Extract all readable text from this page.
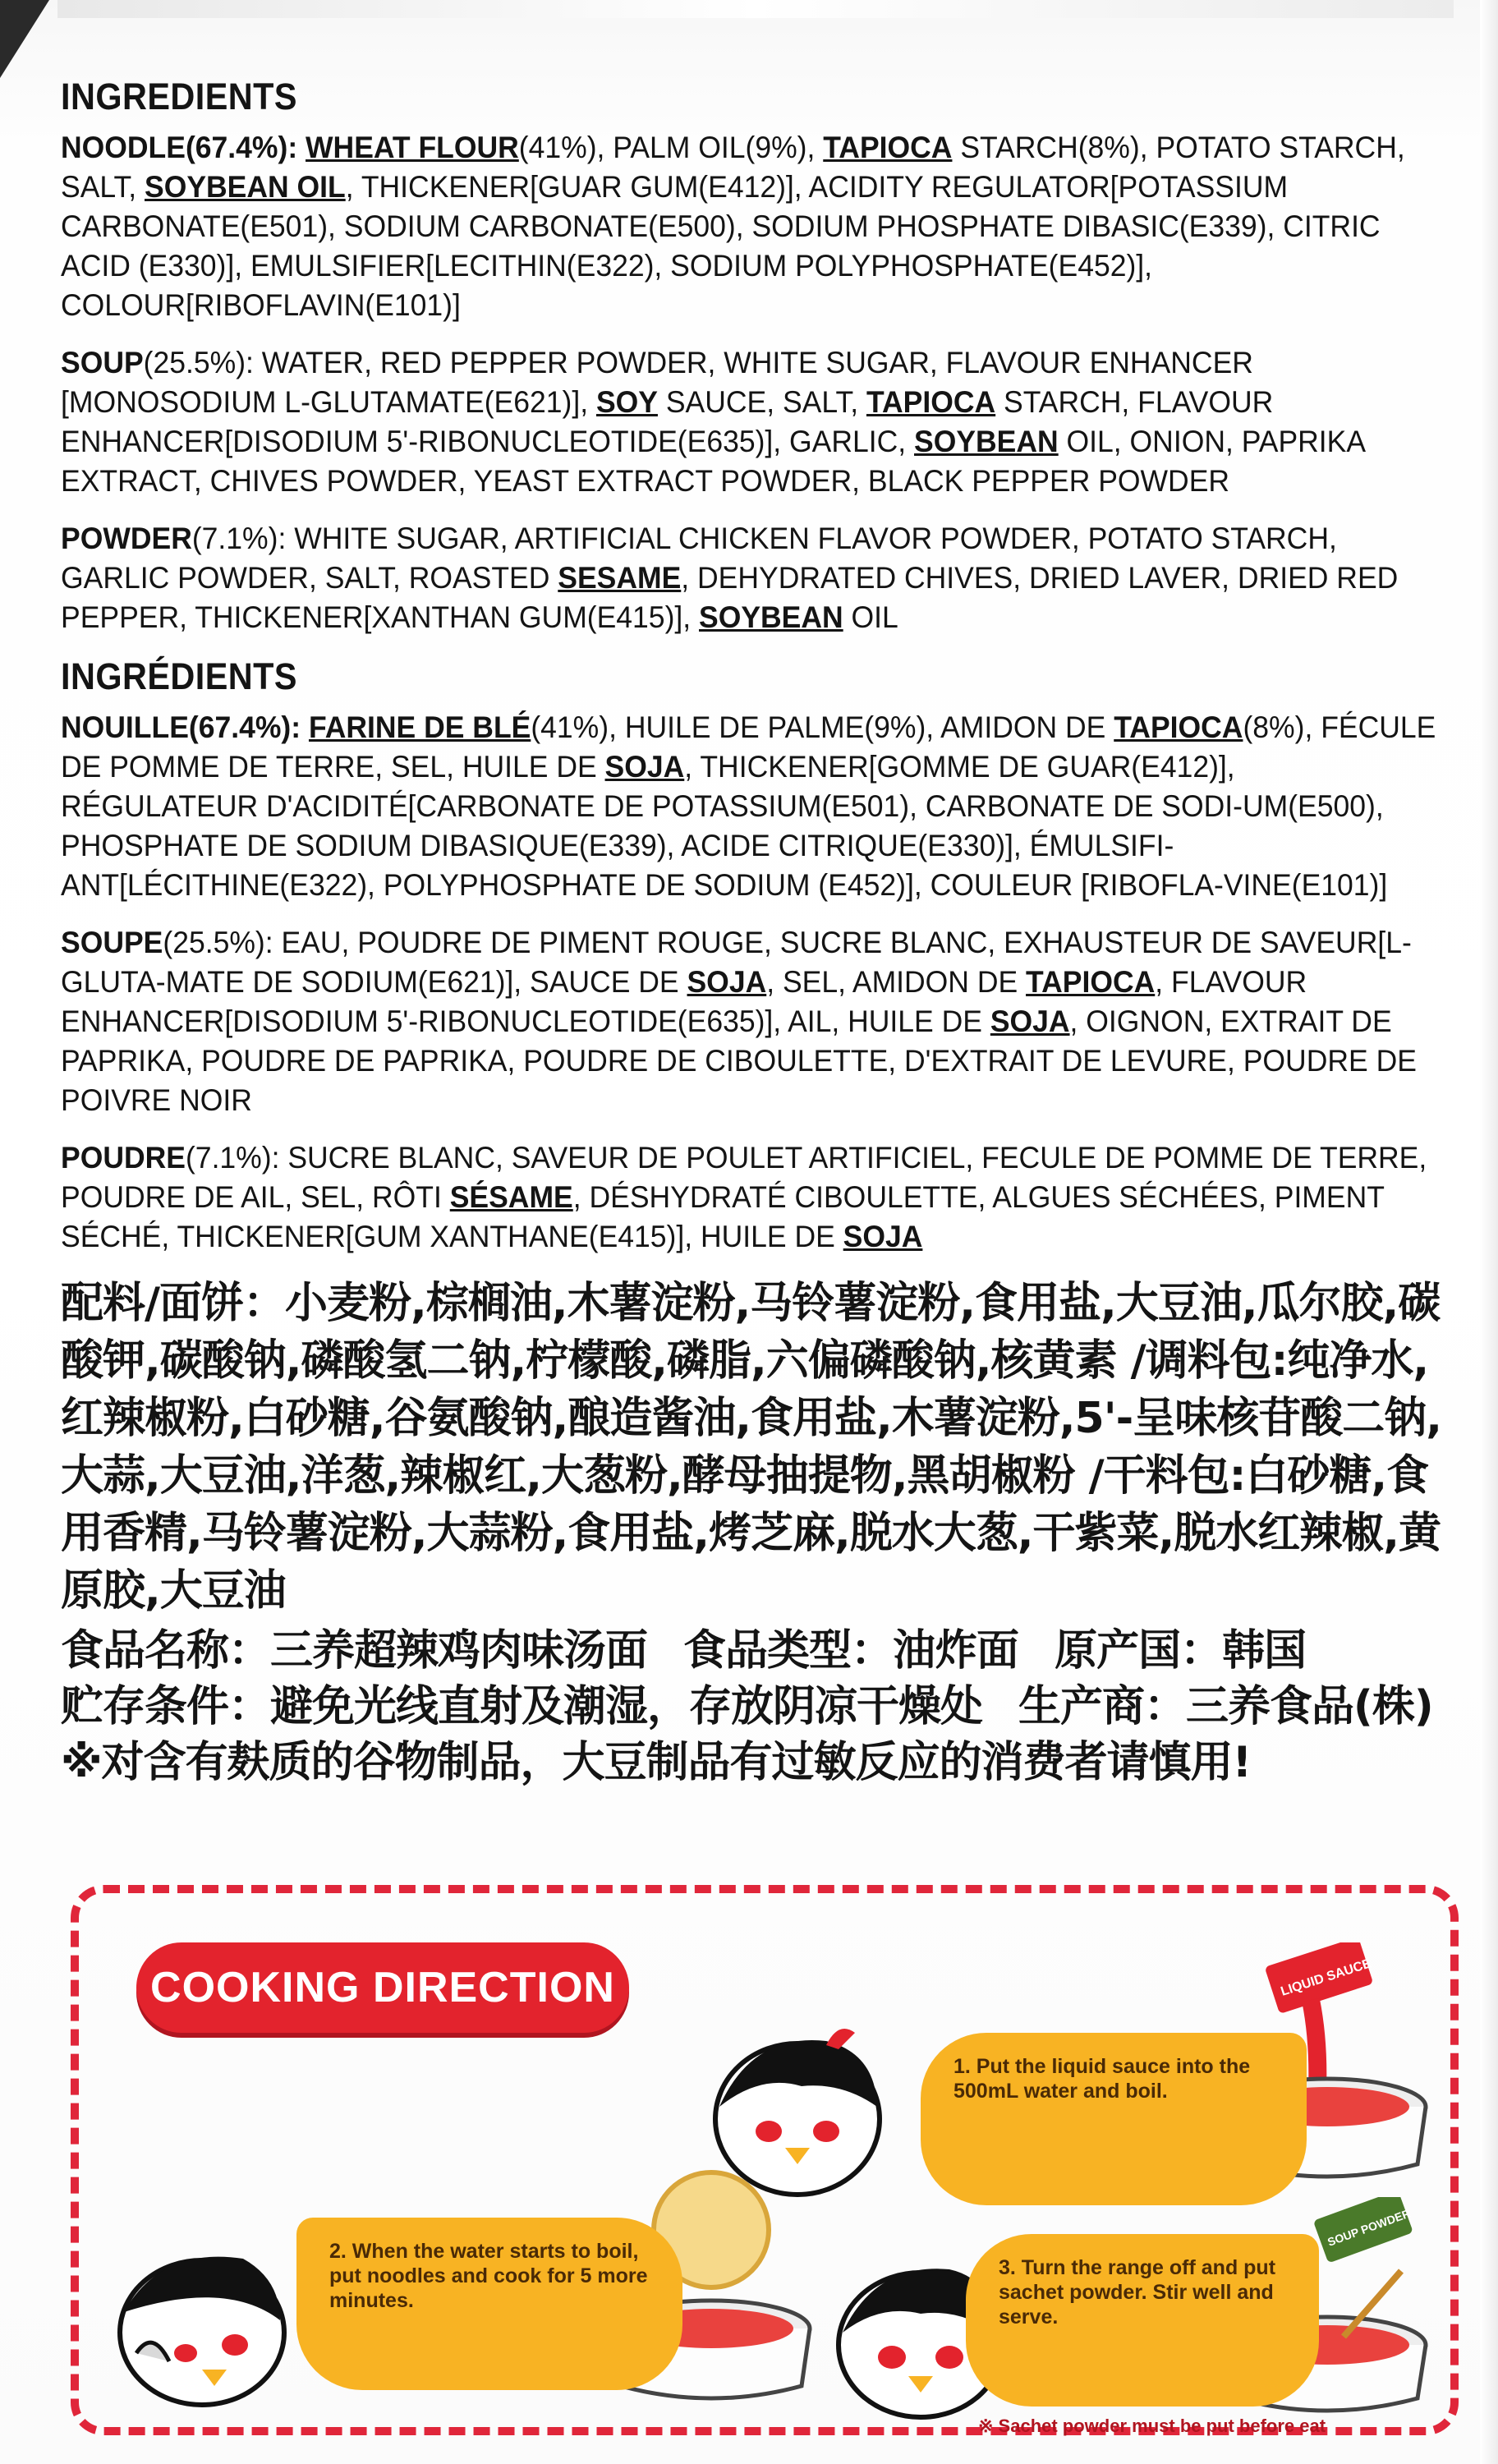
INGREDIENTS

NOODLE(67.4%): WHEAT FLOUR(41%), PALM OIL(9%), TAPIOCA STARCH(8%), POTATO STARCH, SALT, SOYBEAN OIL, THICKENER[GUAR GUM(E412)], ACIDITY REGULATOR[POTASSIUM CARBONATE(E501), SODIUM CARBONATE(E500), SODIUM PHOSPHATE DIBASIC(E339), CITRIC ACID (E330)], EMULSIFIER[LECITHIN(E322), SODIUM POLYPHOSPHATE(E452)], COLOUR[RIBOFLAVIN(E101)]

SOUP(25.5%): WATER, RED PEPPER POWDER, WHITE SUGAR, FLAVOUR ENHANCER [MONOSODIUM L-GLUTAMATE(E621)], SOY SAUCE, SALT, TAPIOCA STARCH, FLAVOUR ENHANCER[DISODIUM 5'-RIBONUCLEOTIDE(E635)], GARLIC, SOYBEAN OIL, ONION, PAPRIKA EXTRACT, CHIVES POWDER, YEAST EXTRACT POWDER, BLACK PEPPER POWDER

POWDER(7.1%): WHITE SUGAR, ARTIFICIAL CHICKEN FLAVOR POWDER, POTATO STARCH, GARLIC POWDER, SALT, ROASTED SESAME, DEHYDRATED CHIVES, DRIED LAVER, DRIED RED PEPPER, THICKENER[XANTHAN GUM(E415)], SOYBEAN OIL

INGRÉDIENTS

NOUILLE(67.4%): FARINE DE BLÉ(41%), HUILE DE PALME(9%), AMIDON DE TAPIOCA(8%), FÉCULE DE POMME DE TERRE, SEL, HUILE DE SOJA, THICKENER[GOMME DE GUAR(E412)], RÉGULATEUR D'ACIDITÉ[CARBONATE DE POTASSIUM(E501), CARBONATE DE SODI-UM(E500), PHOSPHATE DE SODIUM DIBASIQUE(E339), ACIDE CITRIQUE(E330)], ÉMULSIFI-ANT[LÉCITHINE(E322), POLYPHOSPHATE DE SODIUM (E452)], COULEUR [RIBOFLA-VINE(E101)]

SOUPE(25.5%): EAU, POUDRE DE PIMENT ROUGE, SUCRE BLANC, EXHAUSTEUR DE SAVEUR[L-GLUTA-MATE DE SODIUM(E621)], SAUCE DE SOJA, SEL, AMIDON DE TAPIOCA, FLAVOUR ENHANCER[DISODIUM 5'-RIBONUCLEOTIDE(E635)], AIL, HUILE DE SOJA, OIGNON, EXTRAIT DE PAPRIKA, POUDRE DE PAPRIKA, POUDRE DE CIBOULETTE, D'EXTRAIT DE LEVURE, POUDRE DE POIVRE NOIR

POUDRE(7.1%): SUCRE BLANC, SAVEUR DE POULET ARTIFICIEL, FECULE DE POMME DE TERRE, POUDRE DE AIL, SEL, RÔTI SÉSAME, DÉSHYDRATÉ CIBOULETTE, ALGUES SÉCHÉES, PIMENT SÉCHÉ, THICKENER[GUM XANTHANE(E415)], HUILE DE SOJA

配料/面饼：小麦粉,棕榈油,木薯淀粉,马铃薯淀粉,食用盐,大豆油,瓜尔胶,碳酸钾,碳酸钠,磷酸氢二钠,柠檬酸,磷脂,六偏磷酸钠,核黄素 /调料包:纯净水,红辣椒粉,白砂糖,谷氨酸钠,酿造酱油,食用盐,木薯淀粉,5'-呈味核苷酸二钠,大蒜,大豆油,洋葱,辣椒红,大葱粉,酵母抽提物,黑胡椒粉 /干料包:白砂糖,食用香精,马铃薯淀粉,大蒜粉,食用盐,烤芝麻,脱水大葱,干紫菜,脱水红辣椒,黄原胶,大豆油

食品名称：三养超辣鸡肉味汤面 食品类型：油炸面 原产国：韩国
贮存条件：避免光线直射及潮湿，存放阴凉干燥处 生产商：三养食品(株)
※对含有麸质的谷物制品，大豆制品有过敏反应的消费者请慎用!
COOKING DIRECTION	LIQUID SAUCE
SOUP POWDER
1. Put the liquid sauce into the 500mL water and boil.
2. When the water starts to boil, put noodles and cook for 5 more minutes.
3. Turn the range off and put sachet powder. Stir well and serve.
※ Sachet powder must be put before eat
